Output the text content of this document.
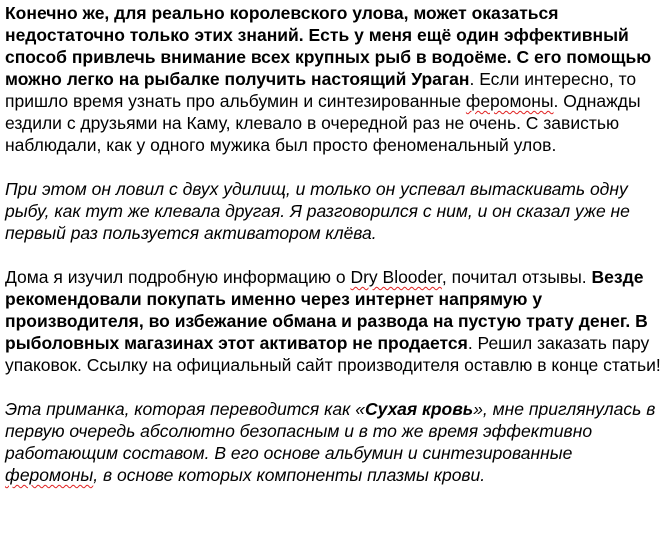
Конечно же, для реально королевского улова, может оказаться недостаточно только этих знаний. Есть у меня ещё один эффективный способ привлечь внимание всех крупных рыб в водоёме. С его помощью можно легко на рыбалке получить настоящий Ураган. Если интересно, то пришло время узнать про альбумин и синтезированные феромоны. Однажды ездили с друзьями на Каму, клевало в очередной раз не очень. С завистью наблюдали, как у одного мужика был просто феноменальный улов.

При этом он ловил с двух удилищ, и только он успевал вытаскивать одну рыбу, как тут же клевала другая. Я разговорился с ним, и он сказал уже не первый раз пользуется активатором клёва.

Дома я изучил подробную информацию о Dry Blooder, почитал отзывы. Везде рекомендовали покупать именно через интернет напрямую у производителя, во избежание обмана и развода на пустую трату денег. В рыболовных магазинах этот активатор не продается. Решил заказать пару упаковок. Ссылку на официальный сайт производителя оставлю в конце статьи!

Эта приманка, которая переводится как «Сухая кровь», мне приглянулась в первую очередь абсолютно безопасным и в то же время эффективно работающим составом. В его основе альбумин и синтезированные феромоны, в основе которых компоненты плазмы крови.
